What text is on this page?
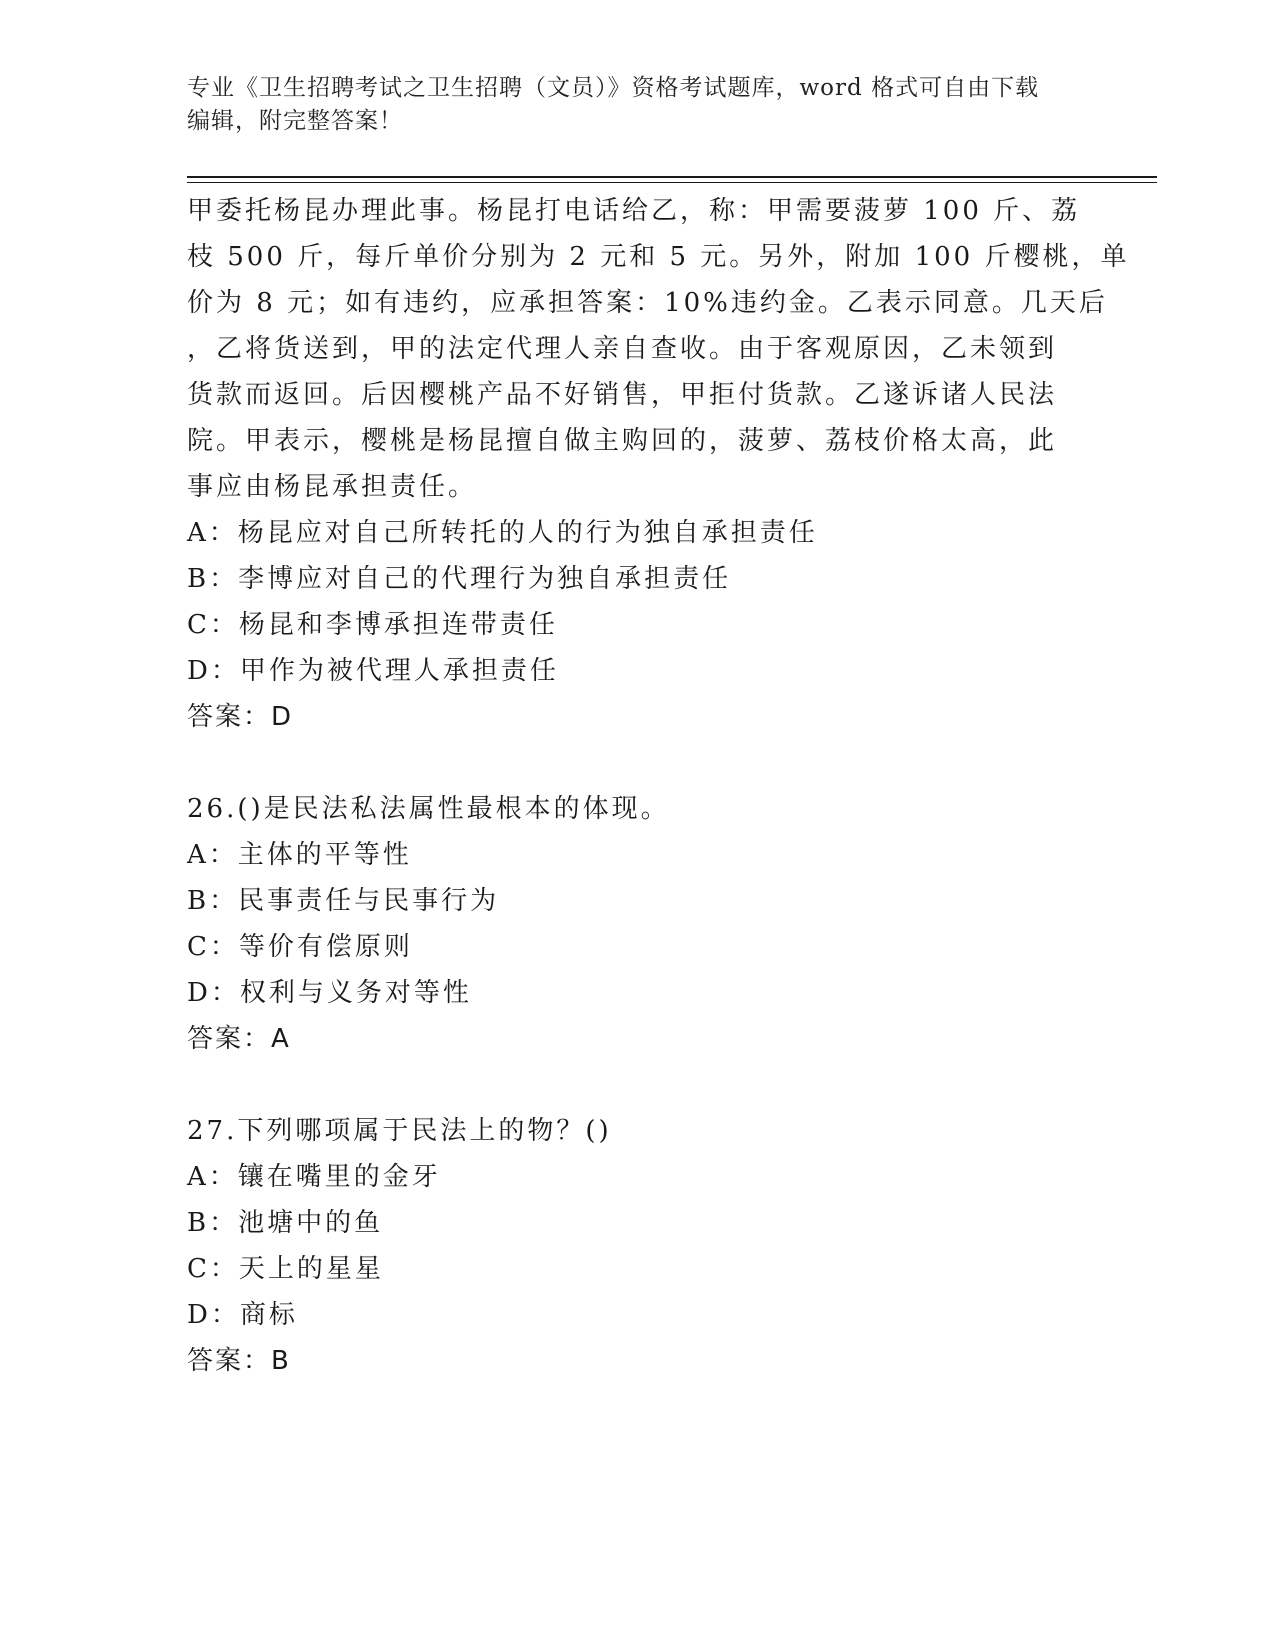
专业《卫生招聘考试之卫生招聘（文员）》资格考试题库，word 格式可自由下载
编辑，附完整答案！
甲委托杨昆办理此事。杨昆打电话给乙，称：甲需要菠萝 100 斤、荔
枝 500 斤，每斤单价分别为 2 元和 5 元。另外，附加 100 斤樱桃，单
价为 8 元；如有违约，应承担答案：10%违约金。乙表示同意。几天后
，乙将货送到，甲的法定代理人亲自查收。由于客观原因，乙未领到
货款而返回。后因樱桃产品不好销售，甲拒付货款。乙遂诉诸人民法
院。甲表示，樱桃是杨昆擅自做主购回的，菠萝、荔枝价格太高，此
事应由杨昆承担责任。
A：杨昆应对自己所转托的人的行为独自承担责任
B：李博应对自己的代理行为独自承担责任
C：杨昆和李博承担连带责任
D：甲作为被代理人承担责任
答案：D
26.()是民法私法属性最根本的体现。
A：主体的平等性
B：民事责任与民事行为
C：等价有偿原则
D：权利与义务对等性
答案：A
27.下列哪项属于民法上的物？()
A：镶在嘴里的金牙
B：池塘中的鱼
C：天上的星星
D：商标
答案：B
